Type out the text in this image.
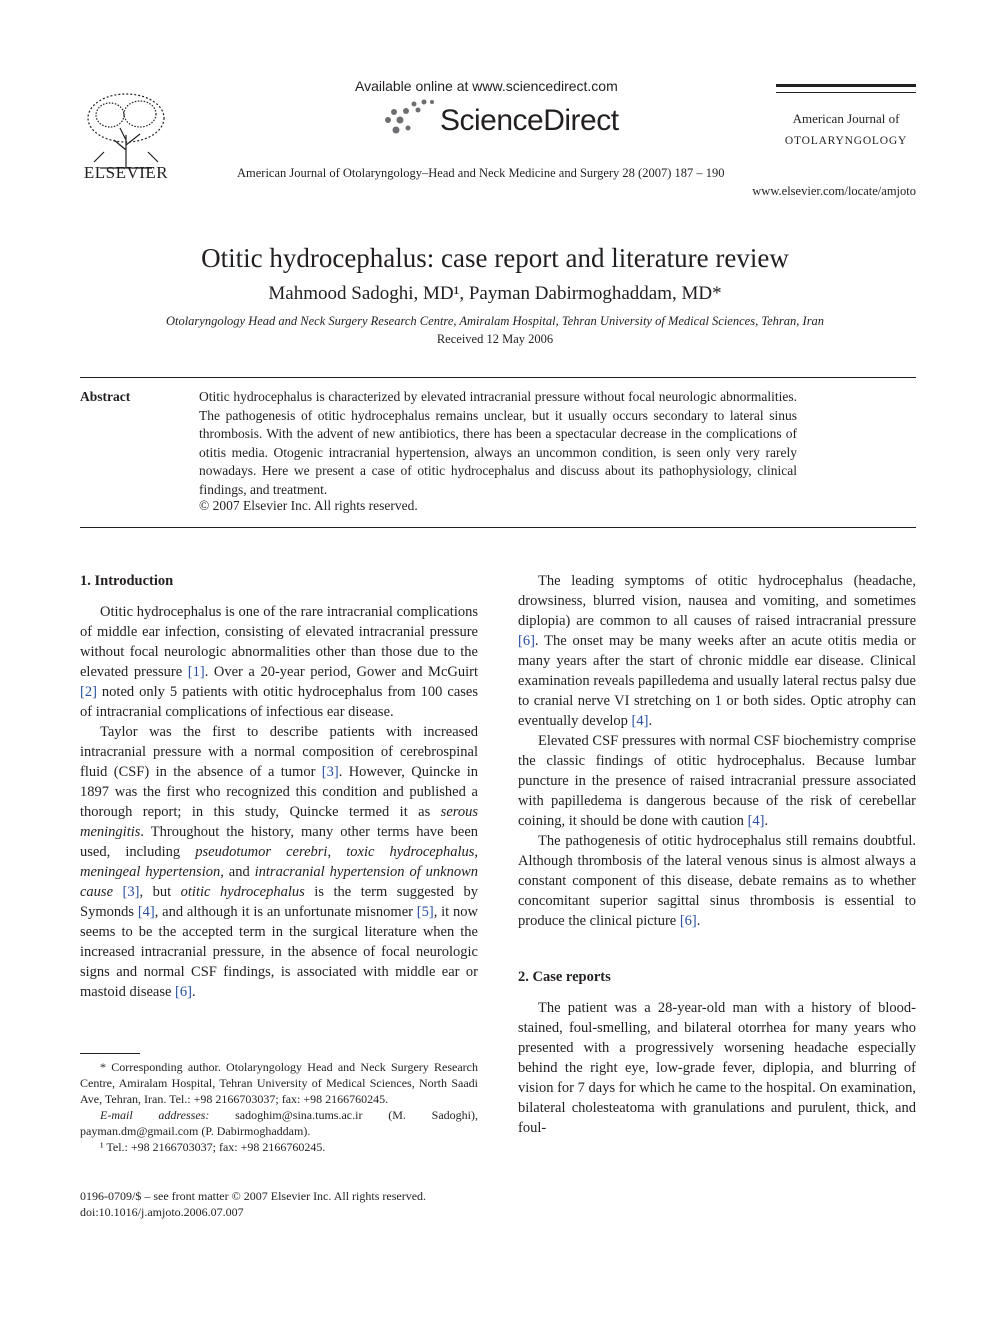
ELSEVIER
Available online at www.sciencedirect.com
ScienceDirect	American Journal of
OTOLARYNGOLOGY
American Journal of Otolaryngology–Head and Neck Medicine and Surgery 28 (2007) 187 – 190
www.elsevier.com/locate/amjoto
Otitic hydrocephalus: case report and literature review
Mahmood Sadoghi, MD¹, Payman Dabirmoghaddam, MD*
Otolaryngology Head and Neck Surgery Research Centre, Amiralam Hospital, Tehran University of Medical Sciences, Tehran, Iran
Received 12 May 2006
Abstract	Otitic hydrocephalus is characterized by elevated intracranial pressure without focal neurologic abnormalities. The pathogenesis of otitic hydrocephalus remains unclear, but it usually occurs secondary to lateral sinus thrombosis. With the advent of new antibiotics, there has been a spectacular decrease in the complications of otitis media. Otogenic intracranial hypertension, always an uncommon condition, is seen only very rarely nowadays. Here we present a case of otitic hydrocephalus and discuss about its pathophysiology, clinical findings, and treatment.
© 2007 Elsevier Inc. All rights reserved.
1. Introduction

Otitic hydrocephalus is one of the rare intracranial complications of middle ear infection, consisting of elevated intracranial pressure without focal neurologic abnormalities other than those due to the elevated pressure [1]. Over a 20-year period, Gower and McGuirt [2] noted only 5 patients with otitic hydrocephalus from 100 cases of intracranial complications of infectious ear disease.

Taylor was the first to describe patients with increased intracranial pressure with a normal composition of cerebrospinal fluid (CSF) in the absence of a tumor [3]. However, Quincke in 1897 was the first who recognized this condition and published a thorough report; in this study, Quincke termed it as serous meningitis. Throughout the history, many other terms have been used, including pseudotumor cerebri, toxic hydrocephalus, meningeal hypertension, and intracranial hypertension of unknown cause [3], but otitic hydrocephalus is the term suggested by Symonds [4], and although it is an unfortunate misnomer [5], it now seems to be the accepted term in the surgical literature when the increased intracranial pressure, in the absence of focal neurologic signs and normal CSF findings, is associated with middle ear or mastoid disease [6].

* Corresponding author. Otolaryngology Head and Neck Surgery Research Centre, Amiralam Hospital, Tehran University of Medical Sciences, North Saadi Ave, Tehran, Iran. Tel.: +98 2166703037; fax: +98 2166760245.

E-mail addresses: sadoghim@sina.tums.ac.ir (M. Sadoghi), payman.dm@gmail.com (P. Dabirmoghaddam).

¹ Tel.: +98 2166703037; fax: +98 2166760245.

0196-0709/$ – see front matter © 2007 Elsevier Inc. All rights reserved.
doi:10.1016/j.amjoto.2006.07.007

The leading symptoms of otitic hydrocephalus (headache, drowsiness, blurred vision, nausea and vomiting, and sometimes diplopia) are common to all causes of raised intracranial pressure [6]. The onset may be many weeks after an acute otitis media or many years after the start of chronic middle ear disease. Clinical examination reveals papilledema and usually lateral rectus palsy due to cranial nerve VI stretching on 1 or both sides. Optic atrophy can eventually develop [4].

Elevated CSF pressures with normal CSF biochemistry comprise the classic findings of otitic hydrocephalus. Because lumbar puncture in the presence of raised intracranial pressure associated with papilledema is dangerous because of the risk of cerebellar coining, it should be done with caution [4].

The pathogenesis of otitic hydrocephalus still remains doubtful. Although thrombosis of the lateral venous sinus is almost always a constant component of this disease, debate remains as to whether concomitant superior sagittal sinus thrombosis is essential to produce the clinical picture [6].

2. Case reports

The patient was a 28-year-old man with a history of blood-stained, foul-smelling, and bilateral otorrhea for many years who presented with a progressively worsening headache especially behind the right eye, low-grade fever, diplopia, and blurring of vision for 7 days for which he came to the hospital. On examination, bilateral cholesteatoma with granulations and purulent, thick, and foul-
